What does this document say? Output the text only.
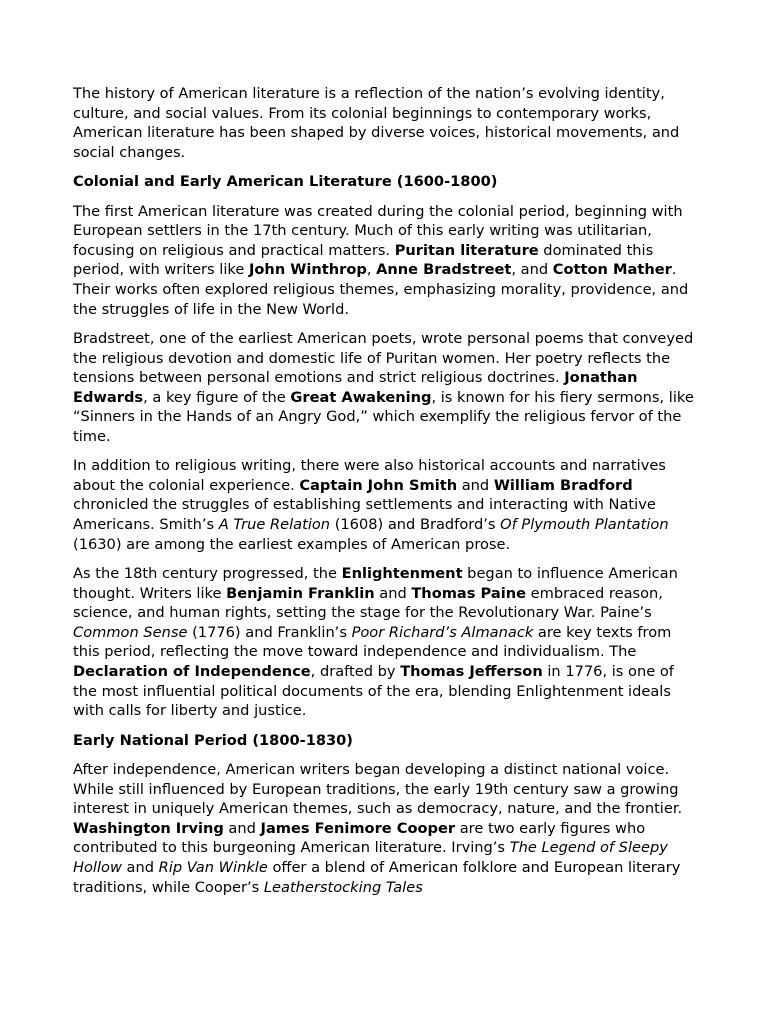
The history of American literature is a reflection of the nation’s evolving identity, culture, and social values. From its colonial beginnings to contemporary works, American literature has been shaped by diverse voices, historical movements, and social changes.

Colonial and Early American Literature (1600-1800)

The first American literature was created during the colonial period, beginning with European settlers in the 17th century. Much of this early writing was utilitarian, focusing on religious and practical matters. Puritan literature dominated this period, with writers like John Winthrop, Anne Bradstreet, and Cotton Mather. Their works often explored religious themes, emphasizing morality, providence, and the struggles of life in the New World.

Bradstreet, one of the earliest American poets, wrote personal poems that conveyed the religious devotion and domestic life of Puritan women. Her poetry reflects the tensions between personal emotions and strict religious doctrines. Jonathan Edwards, a key figure of the Great Awakening, is known for his fiery sermons, like “Sinners in the Hands of an Angry God,” which exemplify the religious fervor of the time.

In addition to religious writing, there were also historical accounts and narratives about the colonial experience. Captain John Smith and William Bradford chronicled the struggles of establishing settlements and interacting with Native Americans. Smith’s A True Relation (1608) and Bradford’s Of Plymouth Plantation (1630) are among the earliest examples of American prose.

As the 18th century progressed, the Enlightenment began to influence American thought. Writers like Benjamin Franklin and Thomas Paine embraced reason, science, and human rights, setting the stage for the Revolutionary War. Paine’s Common Sense (1776) and Franklin’s Poor Richard’s Almanack are key texts from this period, reflecting the move toward independence and individualism. The Declaration of Independence, drafted by Thomas Jefferson in 1776, is one of the most influential political documents of the era, blending Enlightenment ideals with calls for liberty and justice.

Early National Period (1800-1830)

After independence, American writers began developing a distinct national voice. While still influenced by European traditions, the early 19th century saw a growing interest in uniquely American themes, such as democracy, nature, and the frontier. Washington Irving and James Fenimore Cooper are two early figures who contributed to this burgeoning American literature. Irving’s The Legend of Sleepy Hollow and Rip Van Winkle offer a blend of American folklore and European literary traditions, while Cooper’s Leatherstocking Tales
